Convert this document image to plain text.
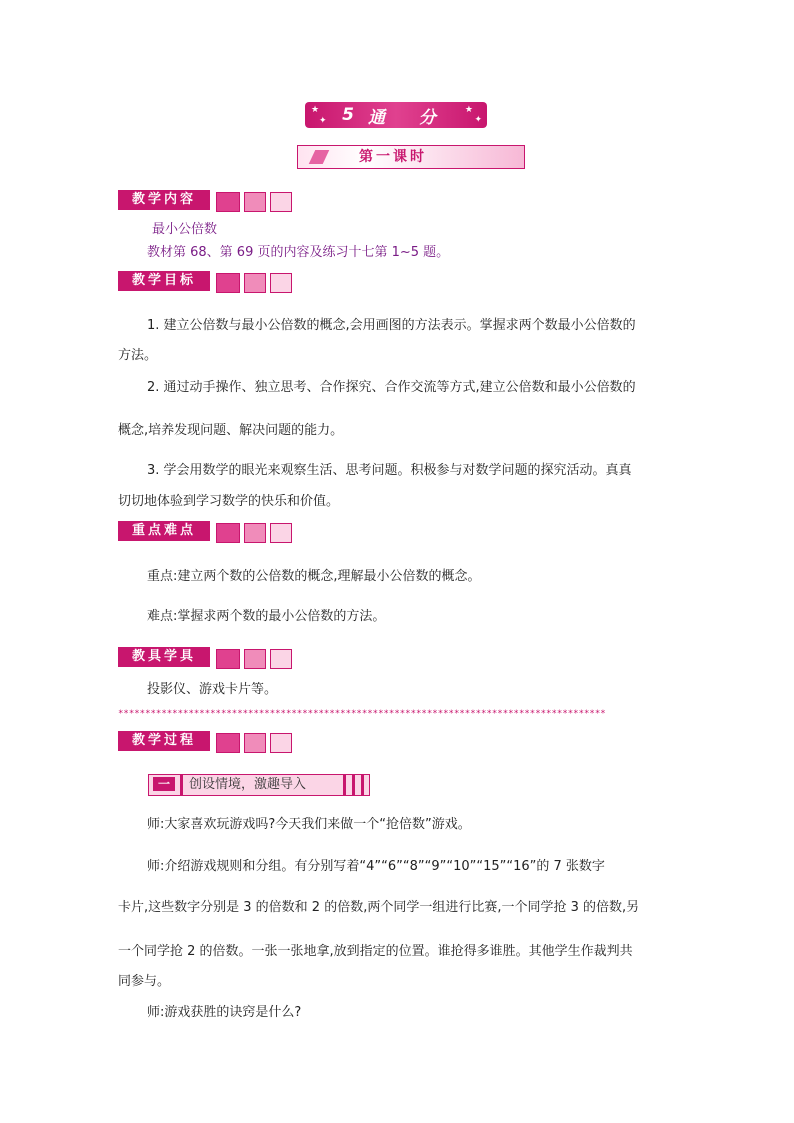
★
✦ 5 通 分 ★
✦
第一课时
教学内容
最小公倍数
教材第 68、第 69 页的内容及练习十七第 1~5 题。
教学目标
1. 建立公倍数与最小公倍数的概念,会用画图的方法表示。掌握求两个数最小公倍数的
方法。
2. 通过动手操作、独立思考、合作探究、合作交流等方式,建立公倍数和最小公倍数的
概念,培养发现问题、解决问题的能力。
3. 学会用数学的眼光来观察生活、思考问题。积极参与对数学问题的探究活动。真真
切切地体验到学习数学的快乐和价值。
重点难点
重点:建立两个数的公倍数的概念,理解最小公倍数的概念。
难点:掌握求两个数的最小公倍数的方法。
教具学具
投影仪、游戏卡片等。
******************************************************************************************
教学过程
一	创设情境，激趣导入
师:大家喜欢玩游戏吗?今天我们来做一个“抢倍数”游戏。
师:介绍游戏规则和分组。有分别写着“4”“6”“8”“9”“10”“15”“16”的 7 张数字
卡片,这些数字分别是 3 的倍数和 2 的倍数,两个同学一组进行比赛,一个同学抢 3 的倍数,另
一个同学抢 2 的倍数。一张一张地拿,放到指定的位置。谁抢得多谁胜。其他学生作裁判共
同参与。
师:游戏获胜的诀窍是什么?
